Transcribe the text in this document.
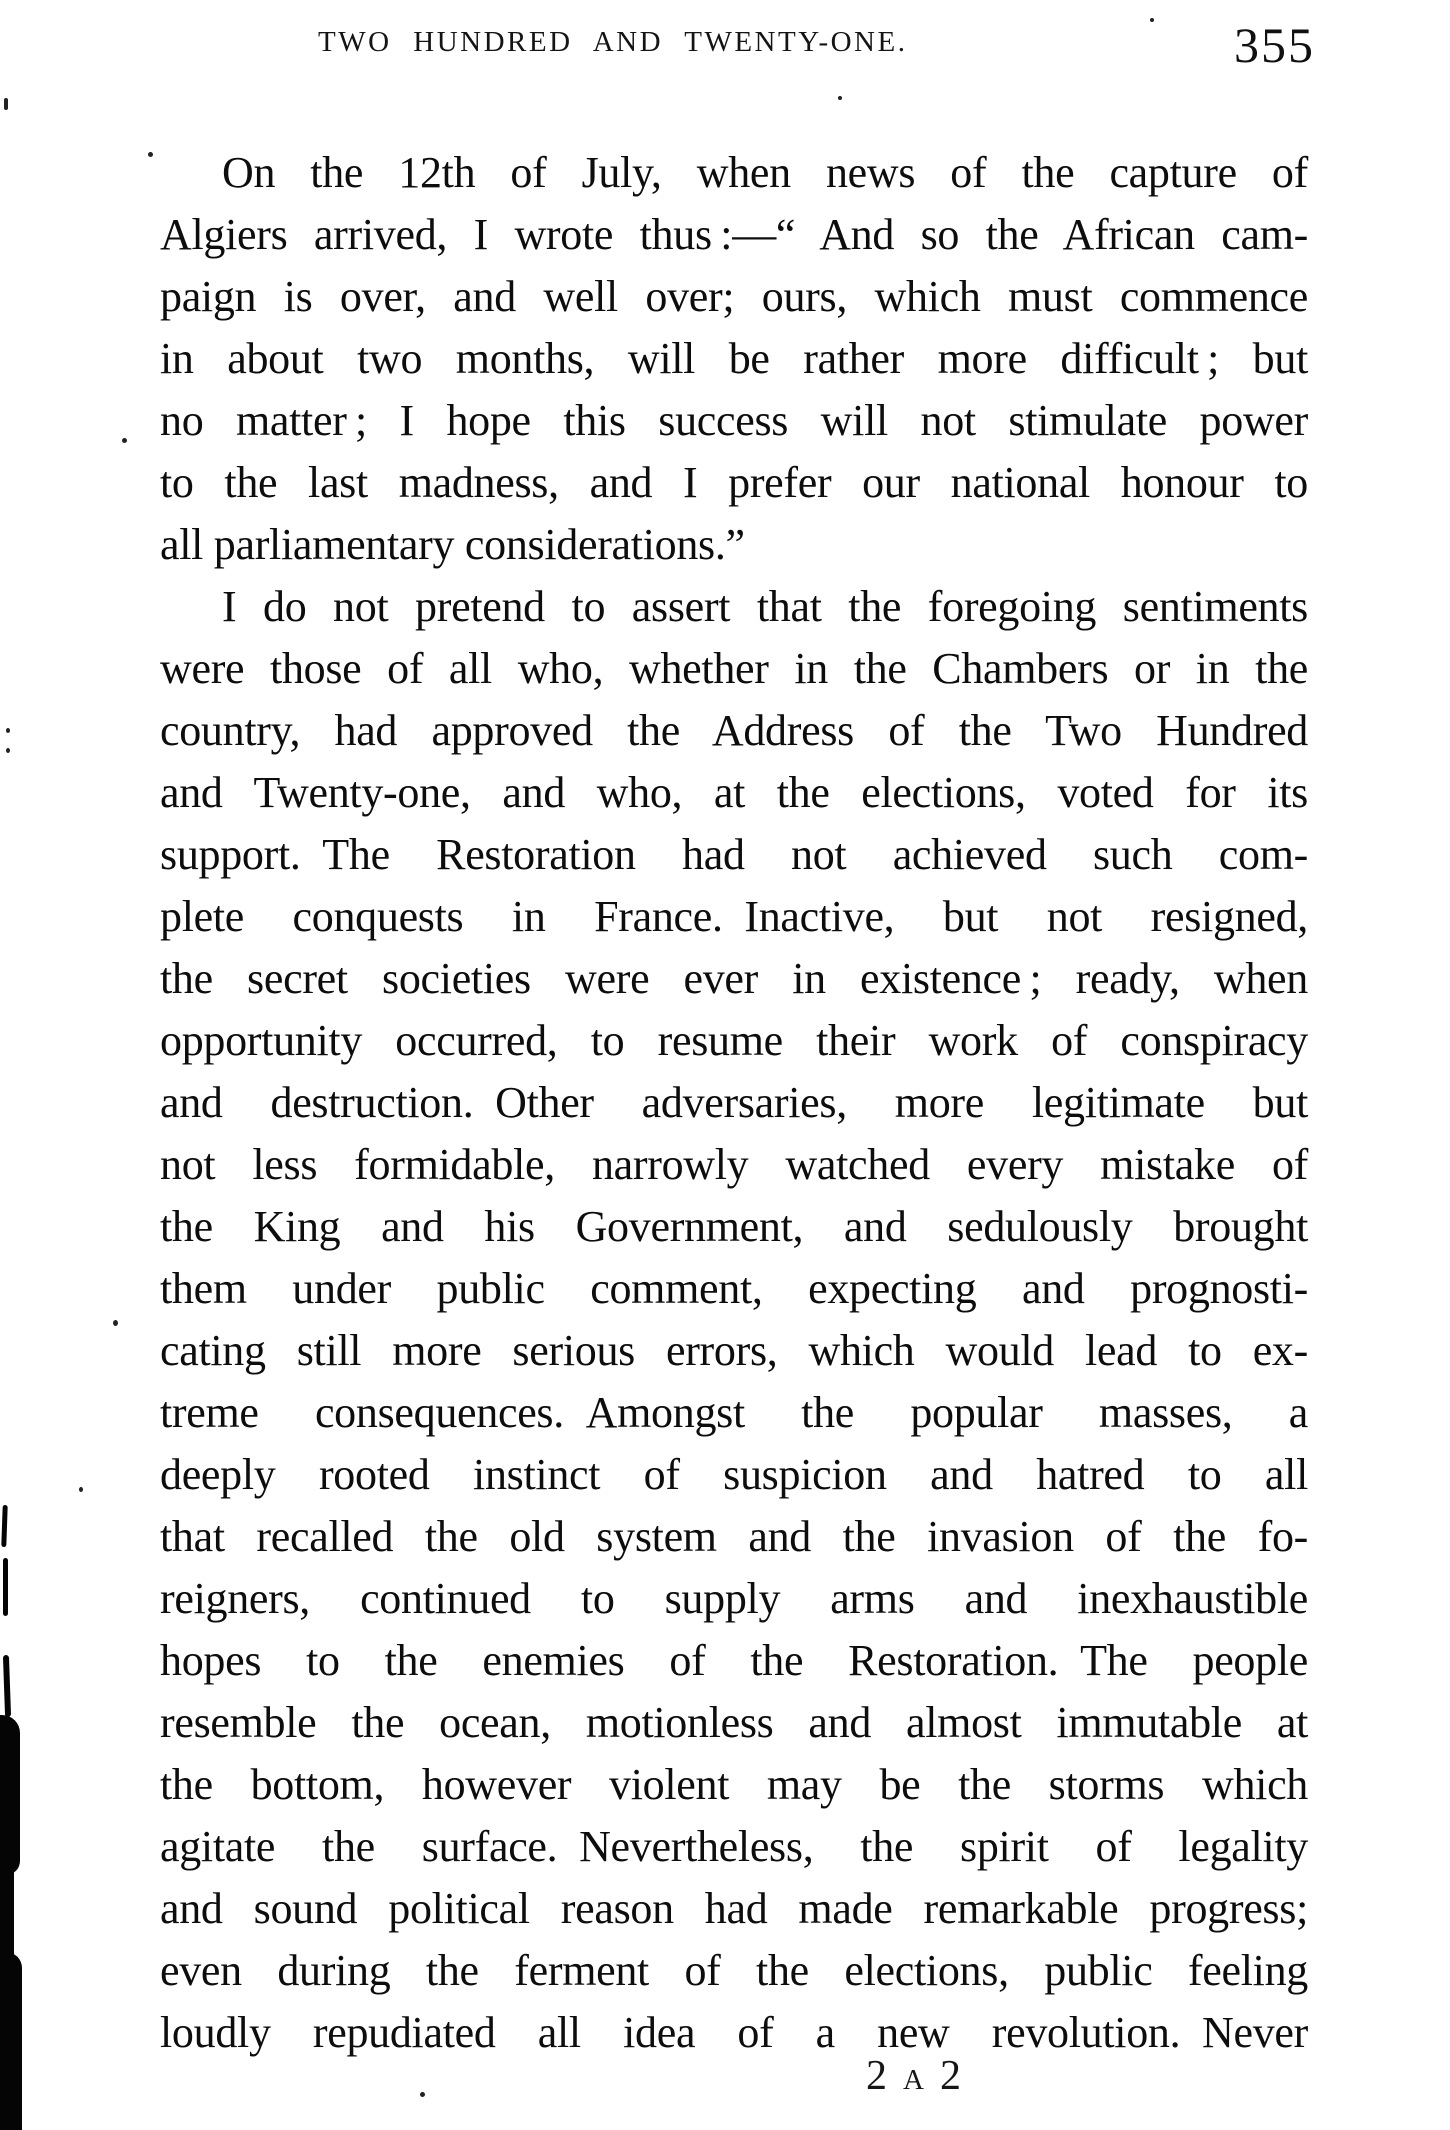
TWO HUNDRED AND TWENTY-ONE.	355
On the 12th of July, when news of the capture of
Algiers arrived, I wrote thus :—“ And so the African cam-
paign is over, and well over; ours, which must commence
in about two months, will be rather more difficult ; but
no matter ; I hope this success will not stimulate power
to the last madness, and I prefer our national honour to
all parliamentary considerations.”
I do not pretend to assert that the foregoing sentiments
were those of all who, whether in the Chambers or in the
country, had approved the Address of the Two Hundred
and Twenty-one, and who, at the elections, voted for its
support. The Restoration had not achieved such com-
plete conquests in France. Inactive, but not resigned,
the secret societies were ever in existence ; ready, when
opportunity occurred, to resume their work of conspiracy
and destruction. Other adversaries, more legitimate but
not less formidable, narrowly watched every mistake of
the King and his Government, and sedulously brought
them under public comment, expecting and prognosti-
cating still more serious errors, which would lead to ex-
treme consequences. Amongst the popular masses, a
deeply rooted instinct of suspicion and hatred to all
that recalled the old system and the invasion of the fo-
reigners, continued to supply arms and inexhaustible
hopes to the enemies of the Restoration. The people
resemble the ocean, motionless and almost immutable at
the bottom, however violent may be the storms which
agitate the surface. Nevertheless, the spirit of legality
and sound political reason had made remarkable progress;
even during the ferment of the elections, public feeling
loudly repudiated all idea of a new revolution. Never
2 A 2
